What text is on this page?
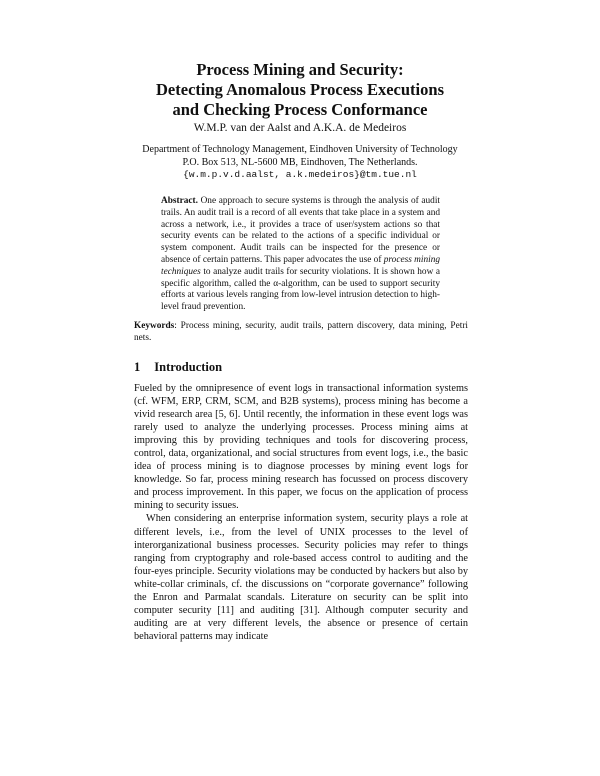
Process Mining and Security:
Detecting Anomalous Process Executions
and Checking Process Conformance
W.M.P. van der Aalst and A.K.A. de Medeiros
Department of Technology Management, Eindhoven University of Technology
P.O. Box 513, NL-5600 MB, Eindhoven, The Netherlands.
{w.m.p.v.d.aalst, a.k.medeiros}@tm.tue.nl
Abstract. One approach to secure systems is through the analysis of audit trails. An audit trail is a record of all events that take place in a system and across a network, i.e., it provides a trace of user/system actions so that security events can be related to the actions of a specific individual or system component. Audit trails can be inspected for the presence or absence of certain patterns. This paper advocates the use of process mining techniques to analyze audit trails for security violations. It is shown how a specific algorithm, called the α-algorithm, can be used to support security efforts at various levels ranging from low-level intrusion detection to high-level fraud prevention.
Keywords: Process mining, security, audit trails, pattern discovery, data mining, Petri nets.
1 Introduction

Fueled by the omnipresence of event logs in transactional information systems (cf. WFM, ERP, CRM, SCM, and B2B systems), process mining has become a vivid research area [5, 6]. Until recently, the information in these event logs was rarely used to analyze the underlying processes. Process mining aims at improving this by providing techniques and tools for discovering process, control, data, organizational, and social structures from event logs, i.e., the basic idea of process mining is to diagnose processes by mining event logs for knowledge. So far, process mining research has focussed on process discovery and process improvement. In this paper, we focus on the application of process mining to security issues.

When considering an enterprise information system, security plays a role at different levels, i.e., from the level of UNIX processes to the level of interorganizational business processes. Security policies may refer to things ranging from cryptography and role-based access control to auditing and the four-eyes principle. Security violations may be conducted by hackers but also by white-collar criminals, cf. the discussions on “corporate governance” following the Enron and Parmalat scandals. Literature on security can be split into computer security [11] and auditing [31]. Although computer security and auditing are at very different levels, the absence or presence of certain behavioral patterns may indicate
